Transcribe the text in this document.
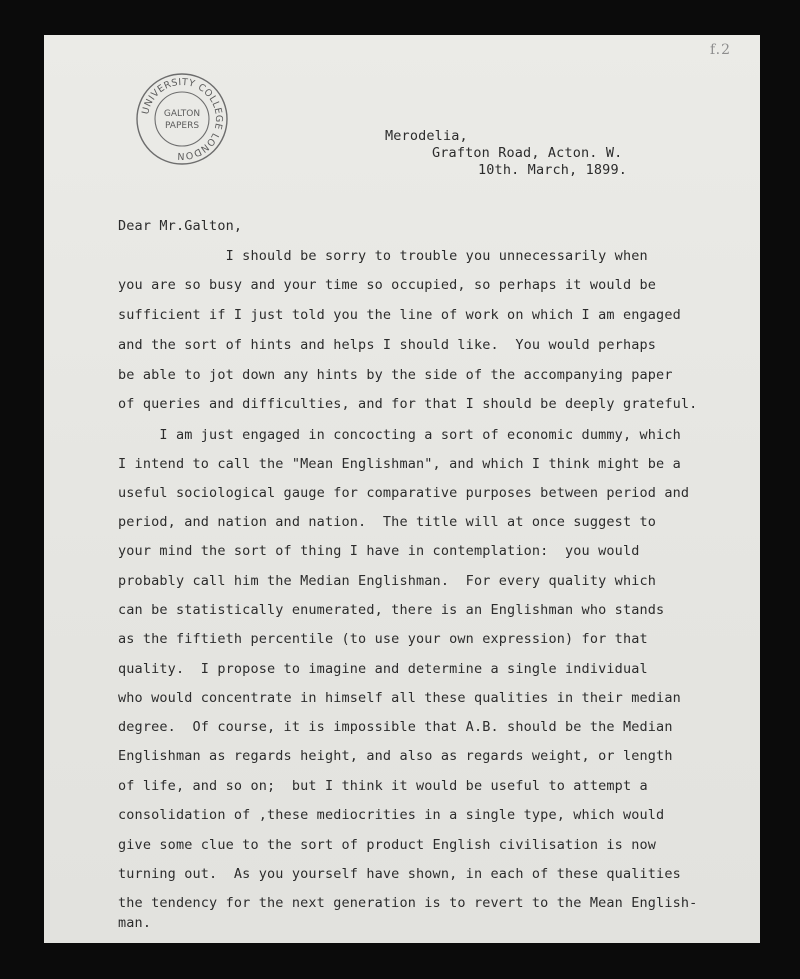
f.2
UNIVERSITY COLLEGE LONDON
GALTON
PAPERS
Merodelia,
Grafton Road, Acton. W.
10th. March, 1899.
Dear Mr.Galton,
I should be sorry to trouble you unnecessarily when
you are so busy and your time so occupied, so perhaps it would be
sufficient if I just told you the line of work on which I am engaged
and the sort of hints and helps I should like.  You would perhaps
be able to jot down any hints by the side of the accompanying paper
of queries and difficulties, and for that I should be deeply grateful.
I am just engaged in concocting a sort of economic dummy, which
I intend to call the "Mean Englishman", and which I think might be a
useful sociological gauge for comparative purposes between period and
period, and nation and nation.  The title will at once suggest to
your mind the sort of thing I have in contemplation:  you would
probably call him the Median Englishman.  For every quality which
can be statistically enumerated, there is an Englishman who stands
as the fiftieth percentile (to use your own expression) for that
quality.  I propose to imagine and determine a single individual
who would concentrate in himself all these qualities in their median
degree.  Of course, it is impossible that A.B. should be the Median
Englishman as regards height, and also as regards weight, or length
of life, and so on;  but I think it would be useful to attempt a
consolidation of ,these mediocrities in a single type, which would
give some clue to the sort of product English civilisation is now
turning out.  As you yourself have shown, in each of these qualities
the tendency for the next generation is to revert to the Mean English-
man.
